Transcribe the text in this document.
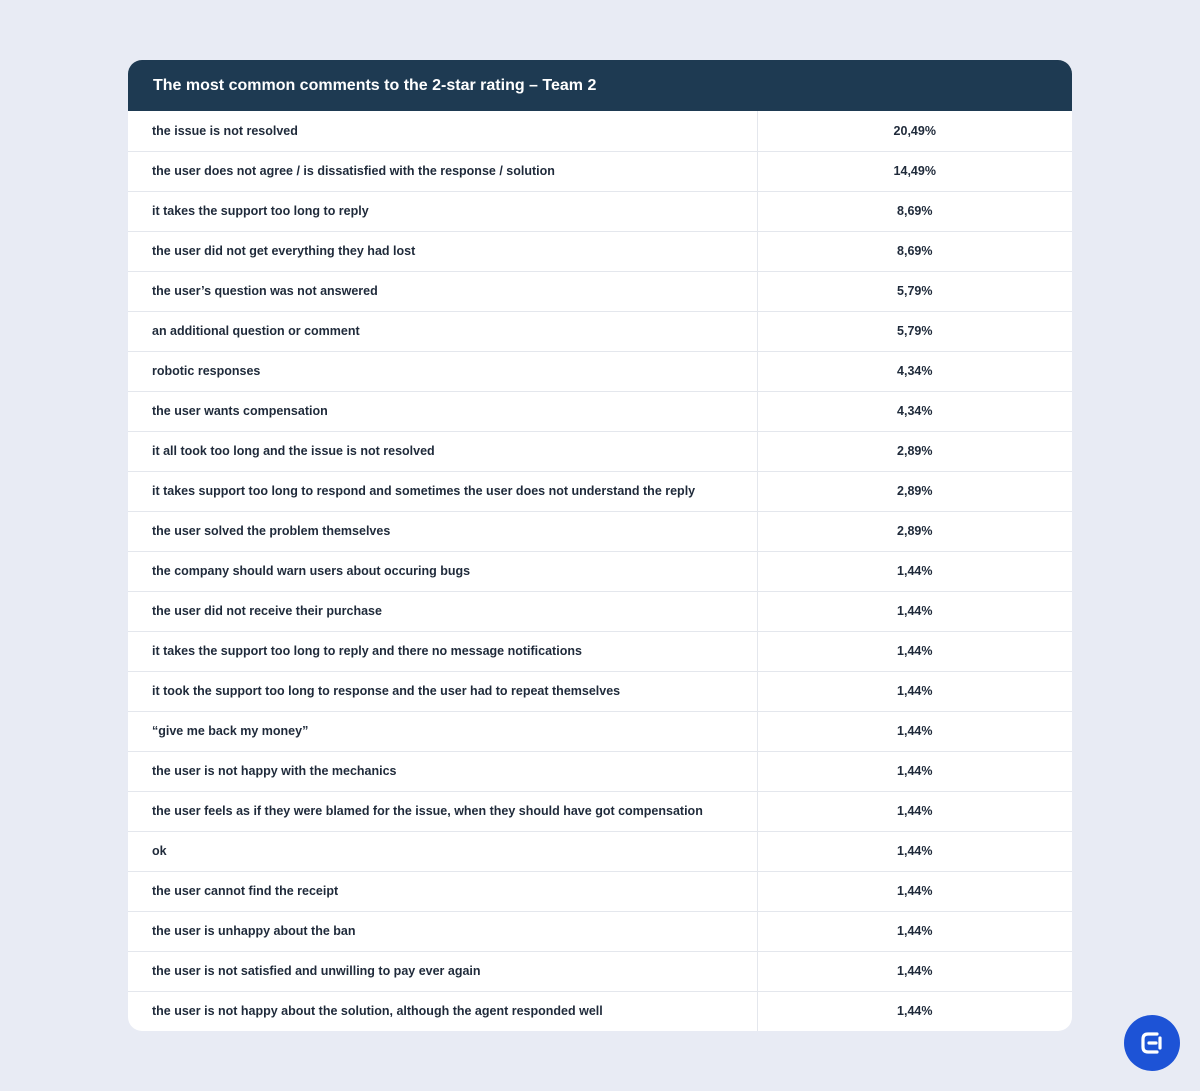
The most common comments to the 2-star rating – Team 2
the issue is not resolved	20,49%
the user does not agree / is dissatisfied with the response / solution	14,49%
it takes the support too long to reply	8,69%
the user did not get everything they had lost	8,69%
the user’s question was not answered	5,79%
an additional question or comment	5,79%
robotic responses	4,34%
the user wants compensation	4,34%
it all took too long and the issue is not resolved	2,89%
it takes support too long to respond and sometimes the user does not understand the reply	2,89%
the user solved the problem themselves	2,89%
the company should warn users about occuring bugs	1,44%
the user did not receive their purchase	1,44%
it takes the support too long to reply and there no message notifications	1,44%
it took the support too long to response and the user had to repeat themselves	1,44%
“give me back my money”	1,44%
the user is not happy with the mechanics	1,44%
the user feels as if they were blamed for the issue, when they should have got compensation	1,44%
ok	1,44%
the user cannot find the receipt	1,44%
the user is unhappy about the ban	1,44%
the user is not satisfied and unwilling to pay ever again	1,44%
the user is not happy about the solution, although the agent responded well	1,44%
